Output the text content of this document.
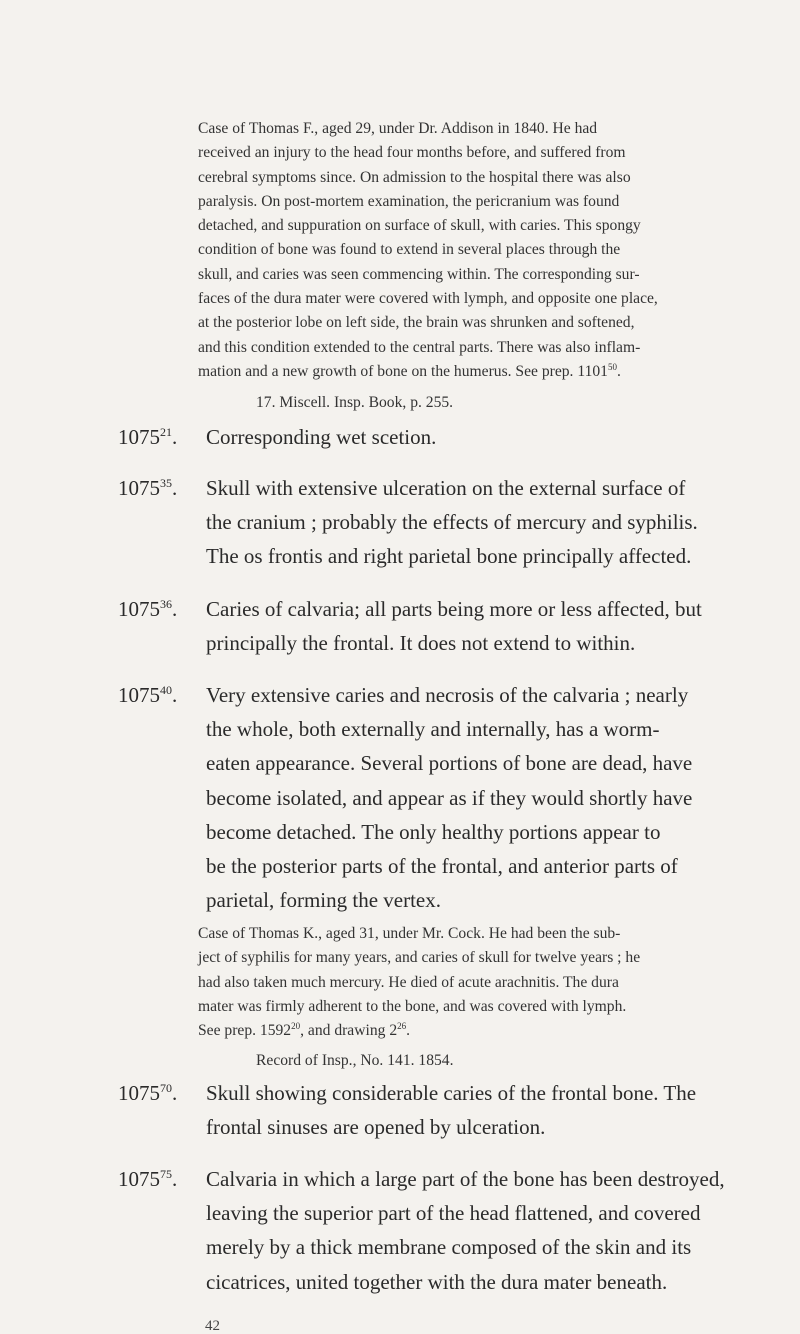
Case of Thomas F., aged 29, under Dr. Addison in 1840. He had
received an injury to the head four months before, and suffered from
cerebral symptoms since. On admission to the hospital there was also
paralysis. On post-mortem examination, the pericranium was found
detached, and suppuration on surface of skull, with caries. This spongy
condition of bone was found to extend in several places through the
skull, and caries was seen commencing within. The corresponding sur-
faces of the dura mater were covered with lymph, and opposite one place,
at the posterior lobe on left side, the brain was shrunken and softened,
and this condition extended to the central parts. There was also inflam-
mation and a new growth of bone on the humerus. See prep. 1101$^{50}$.
17. Miscell. Insp. Book, p. 255.
1075$^{21}$. Corresponding wet scetion.
1075$^{35}$. Skull with extensive ulceration on the external surface of
the cranium ; probably the effects of mercury and syphilis.
The os frontis and right parietal bone principally affected.
1075$^{36}$. Caries of calvaria; all parts being more or less affected, but
principally the frontal. It does not extend to within.
1075$^{40}$. Very extensive caries and necrosis of the calvaria ; nearly
the whole, both externally and internally, has a worm-
eaten appearance. Several portions of bone are dead, have
become isolated, and appear as if they would shortly have
become detached. The only healthy portions appear to
be the posterior parts of the frontal, and anterior parts of
parietal, forming the vertex.
Case of Thomas K., aged 31, under Mr. Cock. He had been the sub-
ject of syphilis for many years, and caries of skull for twelve years ; he
had also taken much mercury. He died of acute arachnitis. The dura
mater was firmly adherent to the bone, and was covered with lymph.
See prep. 1592$^{20}$, and drawing $2^{26}$.
Record of Insp., No. 141. 1854.
1075$^{70}$. Skull showing considerable caries of the frontal bone. The
frontal sinuses are opened by ulceration.
1075$^{75}$. Calvaria in which a large part of the bone has been destroyed,
leaving the superior part of the head flattened, and covered
merely by a thick membrane composed of the skin and its
cicatrices, united together with the dura mater beneath.
42
